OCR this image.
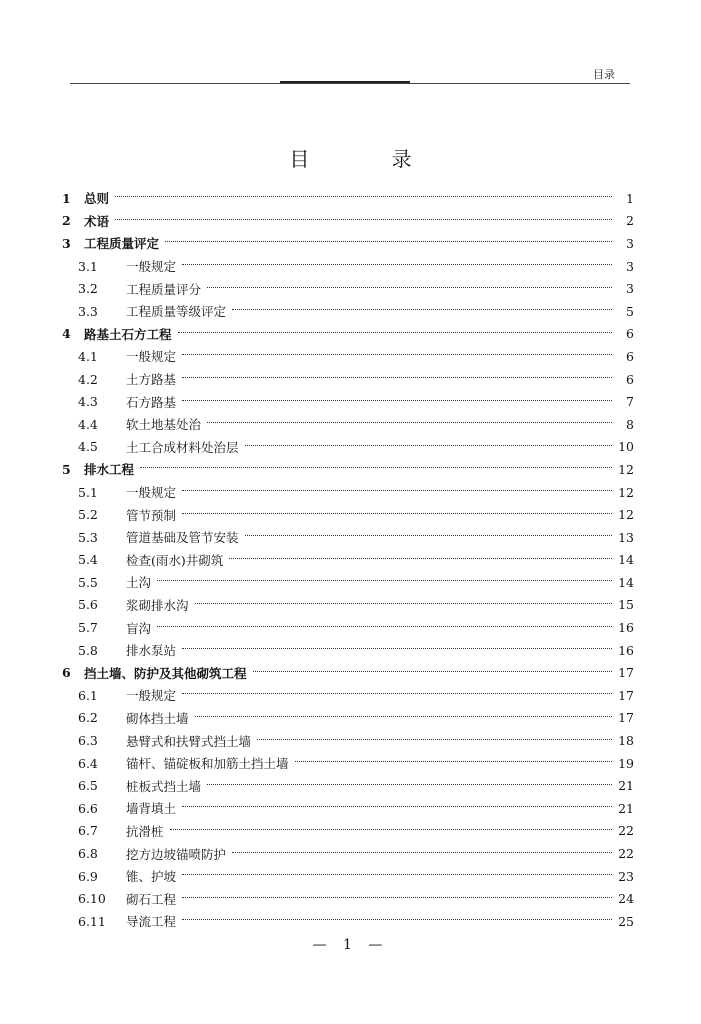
目录
目 录
1	总则	1
2	术语	2
3	工程质量评定	3
3.1	一般规定	3
3.2	工程质量评分	3
3.3	工程质量等级评定	5
4	路基土石方工程	6
4.1	一般规定	6
4.2	土方路基	6
4.3	石方路基	7
4.4	软土地基处治	8
4.5	土工合成材料处治层	10
5	排水工程	12
5.1	一般规定	12
5.2	管节预制	12
5.3	管道基础及管节安装	13
5.4	检查(雨水)井砌筑	14
5.5	土沟	14
5.6	浆砌排水沟	15
5.7	盲沟	16
5.8	排水泵站	16
6	挡土墙、防护及其他砌筑工程	17
6.1	一般规定	17
6.2	砌体挡土墙	17
6.3	悬臂式和扶臂式挡土墙	18
6.4	锚杆、锚碇板和加筋土挡土墙	19
6.5	桩板式挡土墙	21
6.6	墙背填土	21
6.7	抗滑桩	22
6.8	挖方边坡锚喷防护	22
6.9	锥、护坡	23
6.10	砌石工程	24
6.11	导流工程	25
— 1 —
